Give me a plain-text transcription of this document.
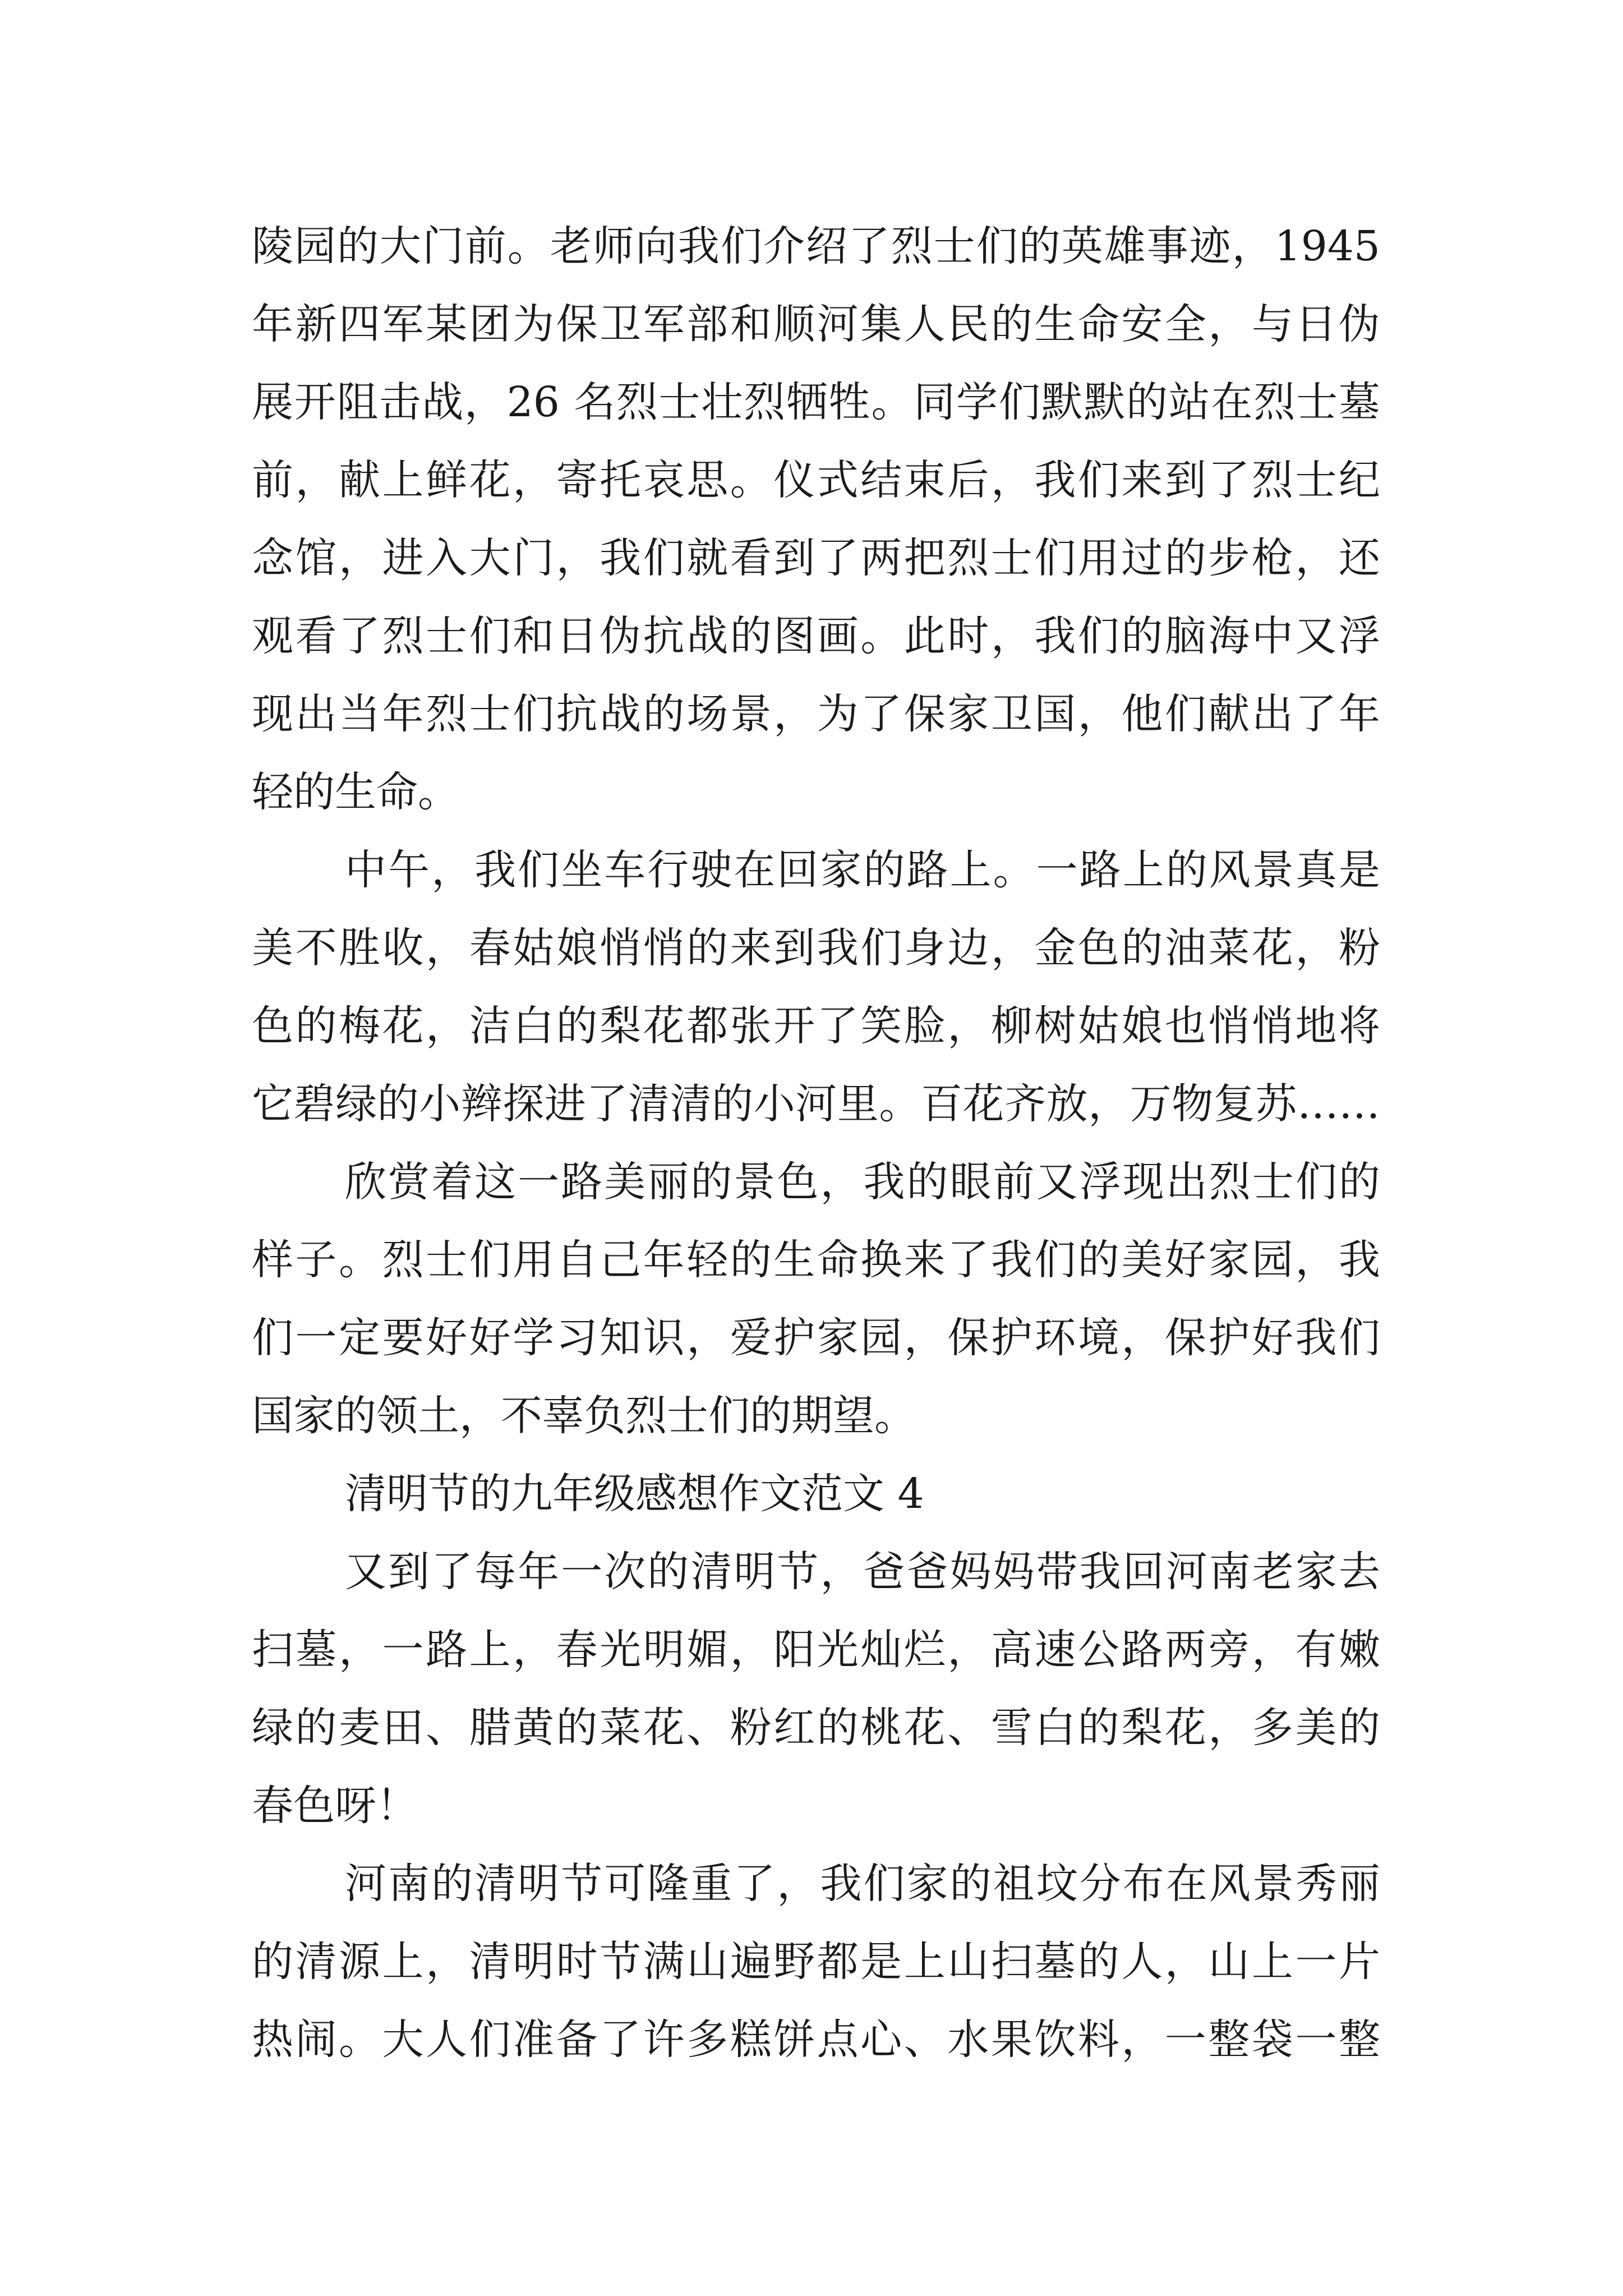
陵园的大门前。老师向我们介绍了烈士们的英雄事迹，1945
年新四军某团为保卫军部和顺河集人民的生命安全，与日伪
展开阻击战，26 名烈士壮烈牺牲。同学们默默的站在烈士墓
前，献上鲜花，寄托哀思。仪式结束后，我们来到了烈士纪
念馆，进入大门，我们就看到了两把烈士们用过的步枪，还
观看了烈士们和日伪抗战的图画。此时，我们的脑海中又浮
现出当年烈士们抗战的场景，为了保家卫国，他们献出了年
轻的生命。
中午，我们坐车行驶在回家的路上。一路上的风景真是
美不胜收，春姑娘悄悄的来到我们身边，金色的油菜花，粉
色的梅花，洁白的梨花都张开了笑脸，柳树姑娘也悄悄地将
它碧绿的小辫探进了清清的小河里。百花齐放，万物复苏……
欣赏着这一路美丽的景色，我的眼前又浮现出烈士们的
样子。烈士们用自己年轻的生命换来了我们的美好家园，我
们一定要好好学习知识，爱护家园，保护环境，保护好我们
国家的领土，不辜负烈士们的期望。
清明节的九年级感想作文范文 4
又到了每年一次的清明节，爸爸妈妈带我回河南老家去
扫墓，一路上，春光明媚，阳光灿烂，高速公路两旁，有嫩
绿的麦田、腊黄的菜花、粉红的桃花、雪白的梨花，多美的
春色呀！
河南的清明节可隆重了，我们家的祖坟分布在风景秀丽
的清源上，清明时节满山遍野都是上山扫墓的人，山上一片
热闹。大人们准备了许多糕饼点心、水果饮料，一整袋一整
